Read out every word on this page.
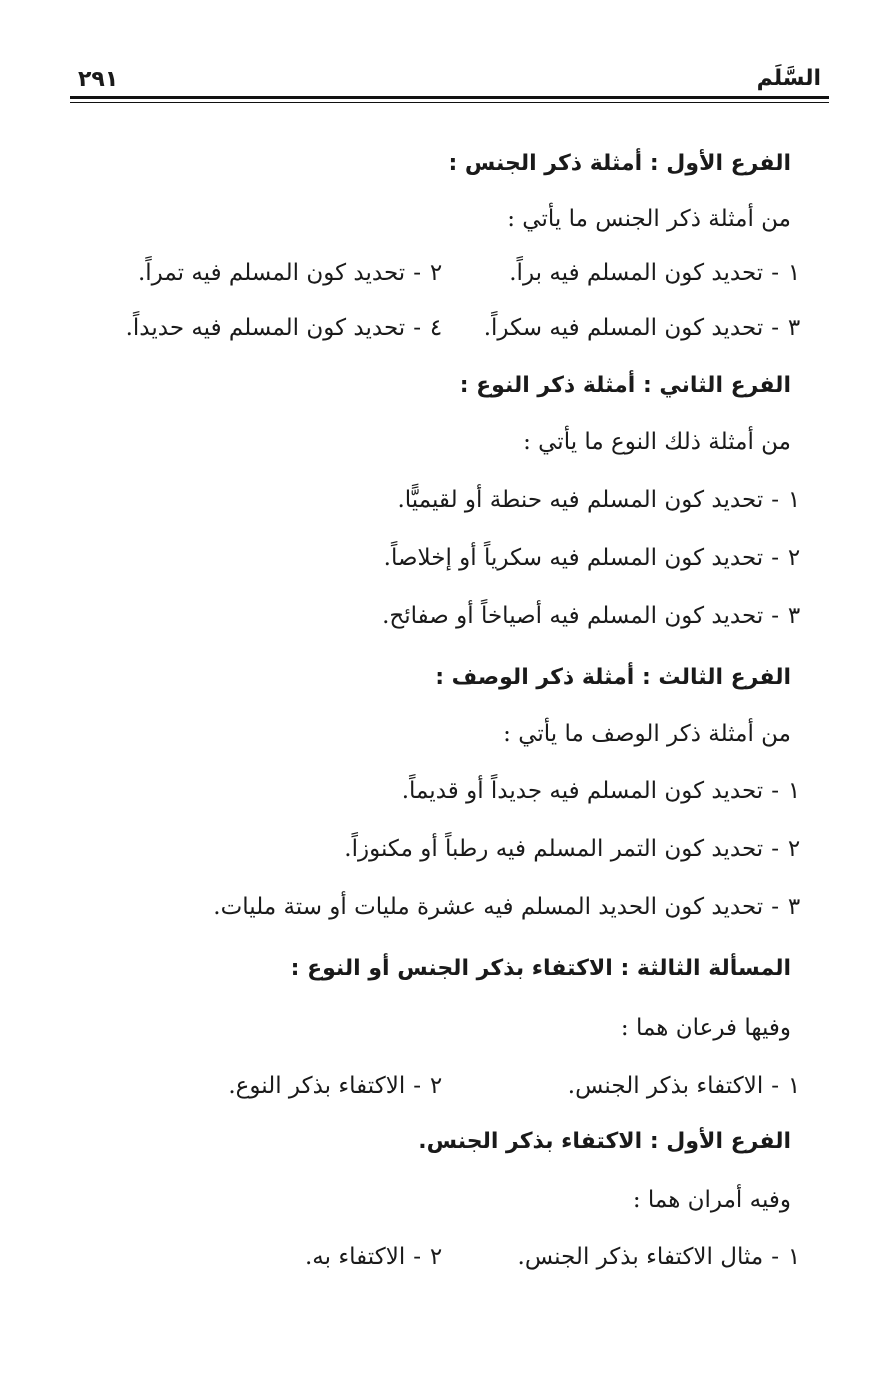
السَّلَم
٢٩١
الفرع الأول : أمثلة ذكر الجنس :
من أمثلة ذكر الجنس ما يأتي :
١-تحديد كون المسلم فيه براً.
٢-تحديد كون المسلم فيه تمراً.
٣-تحديد كون المسلم فيه سكراً.
٤-تحديد كون المسلم فيه حديداً.
الفرع الثاني : أمثلة ذكر النوع :
من أمثلة ذلك النوع ما يأتي :
١-تحديد كون المسلم فيه حنطة أو لقيميًّا.
٢-تحديد كون المسلم فيه سكرياً أو إخلاصاً.
٣-تحديد كون المسلم فيه أصياخاً أو صفائح.
الفرع الثالث : أمثلة ذكر الوصف :
من أمثلة ذكر الوصف ما يأتي :
١-تحديد كون المسلم فيه جديداً أو قديماً.
٢-تحديد كون التمر المسلم فيه رطباً أو مكنوزاً.
٣-تحديد كون الحديد المسلم فيه عشرة مليات أو ستة مليات.
المسألة الثالثة : الاكتفاء بذكر الجنس أو النوع :
وفيها فرعان هما :
١-الاكتفاء بذكر الجنس.
٢-الاكتفاء بذكر النوع.
الفرع الأول : الاكتفاء بذكر الجنس.
وفيه أمران هما :
١-مثال الاكتفاء بذكر الجنس.
٢-الاكتفاء به.
